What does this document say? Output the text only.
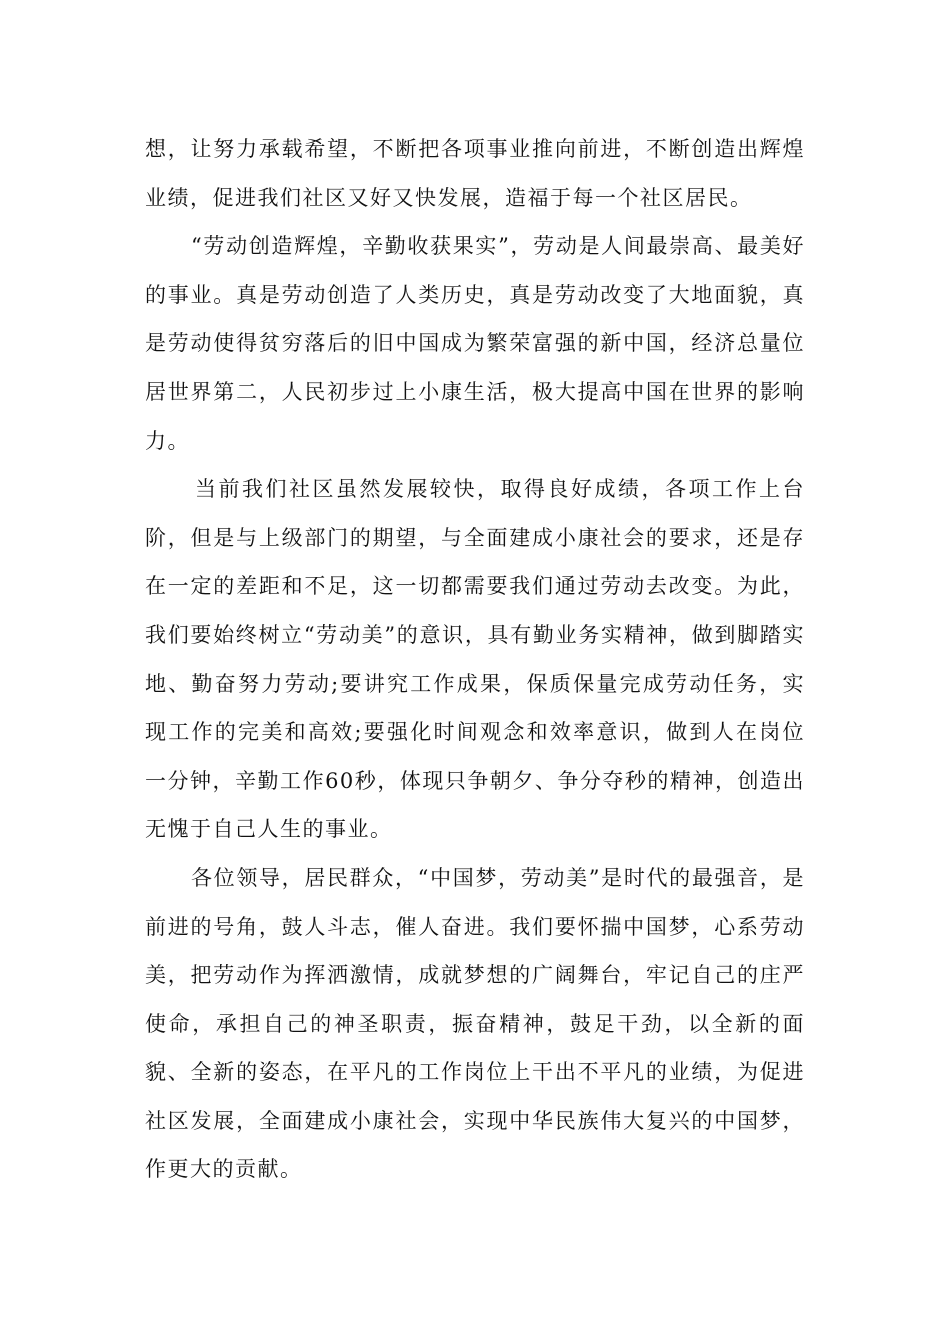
想，让努力承载希望，不断把各项事业推向前进，不断创造出辉煌业绩，促进我们社区又好又快发展，造福于每一个社区居民。

“劳动创造辉煌，辛勤收获果实”，劳动是人间最崇高、最美好的事业。真是劳动创造了人类历史，真是劳动改变了大地面貌，真是劳动使得贫穷落后的旧中国成为繁荣富强的新中国，经济总量位居世界第二，人民初步过上小康生活，极大提高中国在世界的影响力。

当前我们社区虽然发展较快，取得良好成绩，各项工作上台阶，但是与上级部门的期望，与全面建成小康社会的要求，还是存在一定的差距和不足，这一切都需要我们通过劳动去改变。为此，我们要始终树立“劳动美”的意识，具有勤业务实精神，做到脚踏实地、勤奋努力劳动;要讲究工作成果，保质保量完成劳动任务，实现工作的完美和高效;要强化时间观念和效率意识，做到人在岗位一分钟，辛勤工作60秒，体现只争朝夕、争分夺秒的精神，创造出无愧于自己人生的事业。

各位领导，居民群众，“中国梦，劳动美”是时代的最强音，是前进的号角，鼓人斗志，催人奋进。我们要怀揣中国梦，心系劳动美，把劳动作为挥洒激情，成就梦想的广阔舞台，牢记自己的庄严使命，承担自己的神圣职责，振奋精神，鼓足干劲，以全新的面貌、全新的姿态，在平凡的工作岗位上干出不平凡的业绩，为促进社区发展，全面建成小康社会，实现中华民族伟大复兴的中国梦，作更大的贡献。
